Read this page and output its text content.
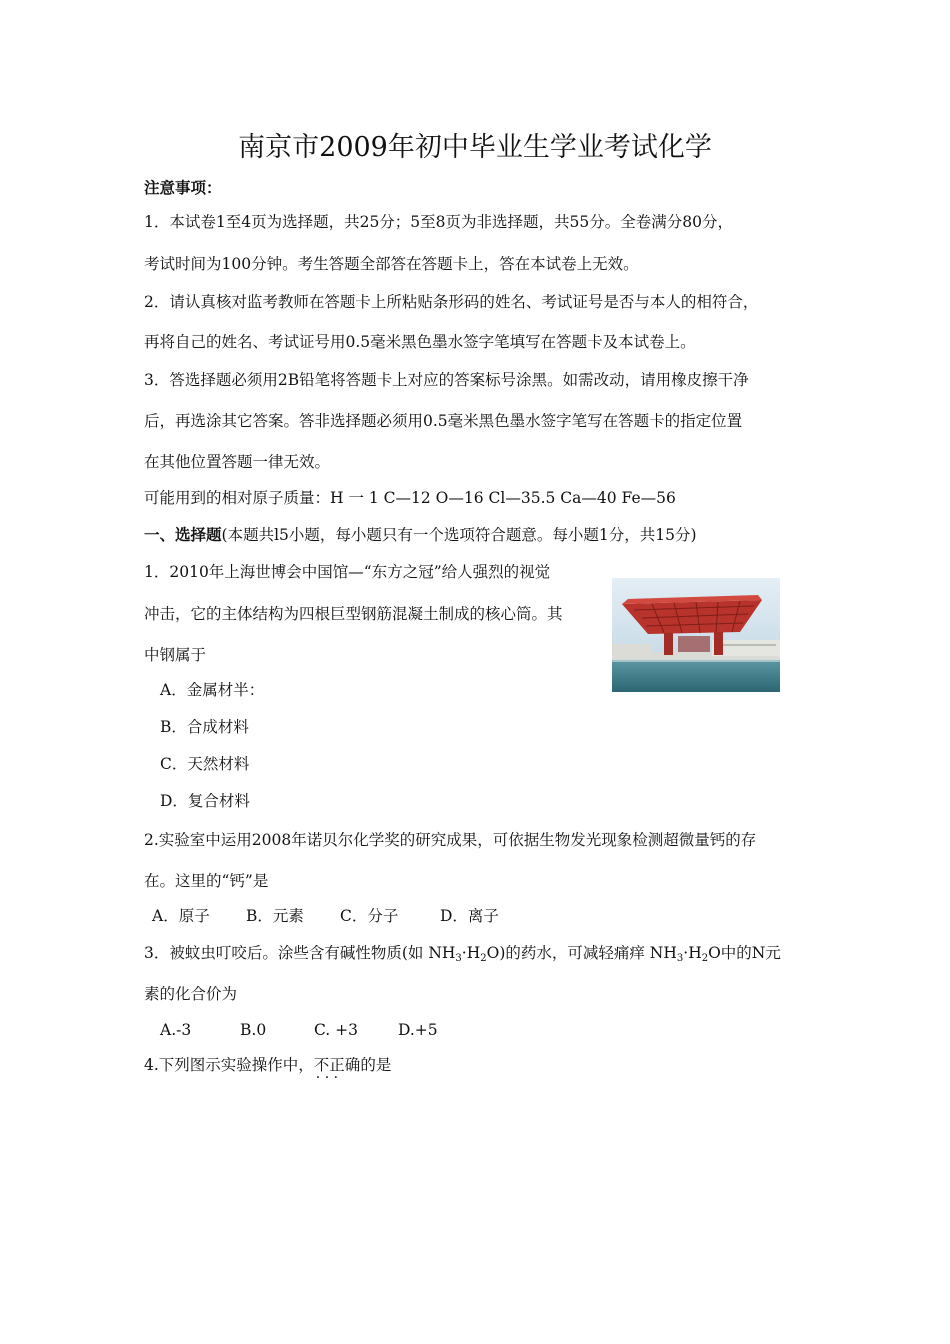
南京市2009年初中毕业生学业考试化学
注意事项：
1．本试卷1至4页为选择题，共25分；5至8页为非选择题，共55分。全卷满分80分，
考试时间为100分钟。考生答题全部答在答题卡上，答在本试卷上无效。
2．请认真核对监考教师在答题卡上所粘贴条形码的姓名、考试证号是否与本人的相符合，
再将自己的姓名、考试证号用0.5毫米黑色墨水签字笔填写在答题卡及本试卷上。
3．答选择题必须用2B铅笔将答题卡上对应的答案标号涂黑。如需改动，请用橡皮擦干净
后，再选涂其它答案。答非选择题必须用0.5毫米黑色墨水签字笔写在答题卡的指定位置
在其他位置答题一律无效。
可能用到的相对原子质量：H 一 1 C—12 O—16 Cl—35.5 Ca—40 Fe—56
一、选择题(本题共l5小题，每小题只有一个选项符合题意。每小题1分，共15分)
1．2010年上海世博会中国馆—“东方之冠”给人强烈的视觉
冲击，它的主体结构为四根巨型钢筋混凝土制成的核心筒。其
中钢属于
A．金属材半：
B．合成材料
C．天然材料
D．复合材料
2.实验室中运用2008年诺贝尔化学奖的研究成果，可依据生物发光现象检测超微量钙的存
在。这里的“钙”是
A．原子 B．元素 C．分子	D．离子
3．被蚊虫叮咬后。涂些含有碱性物质(如 $NH_3\cdot H_2O$)的药水，可减轻痛痒 $NH_3\cdot H_2O$中的N元
素的化合价为
A.-3	B.0	C. +3	D.+5
4.下列图示实验操作中，不正确 · · ·的是
